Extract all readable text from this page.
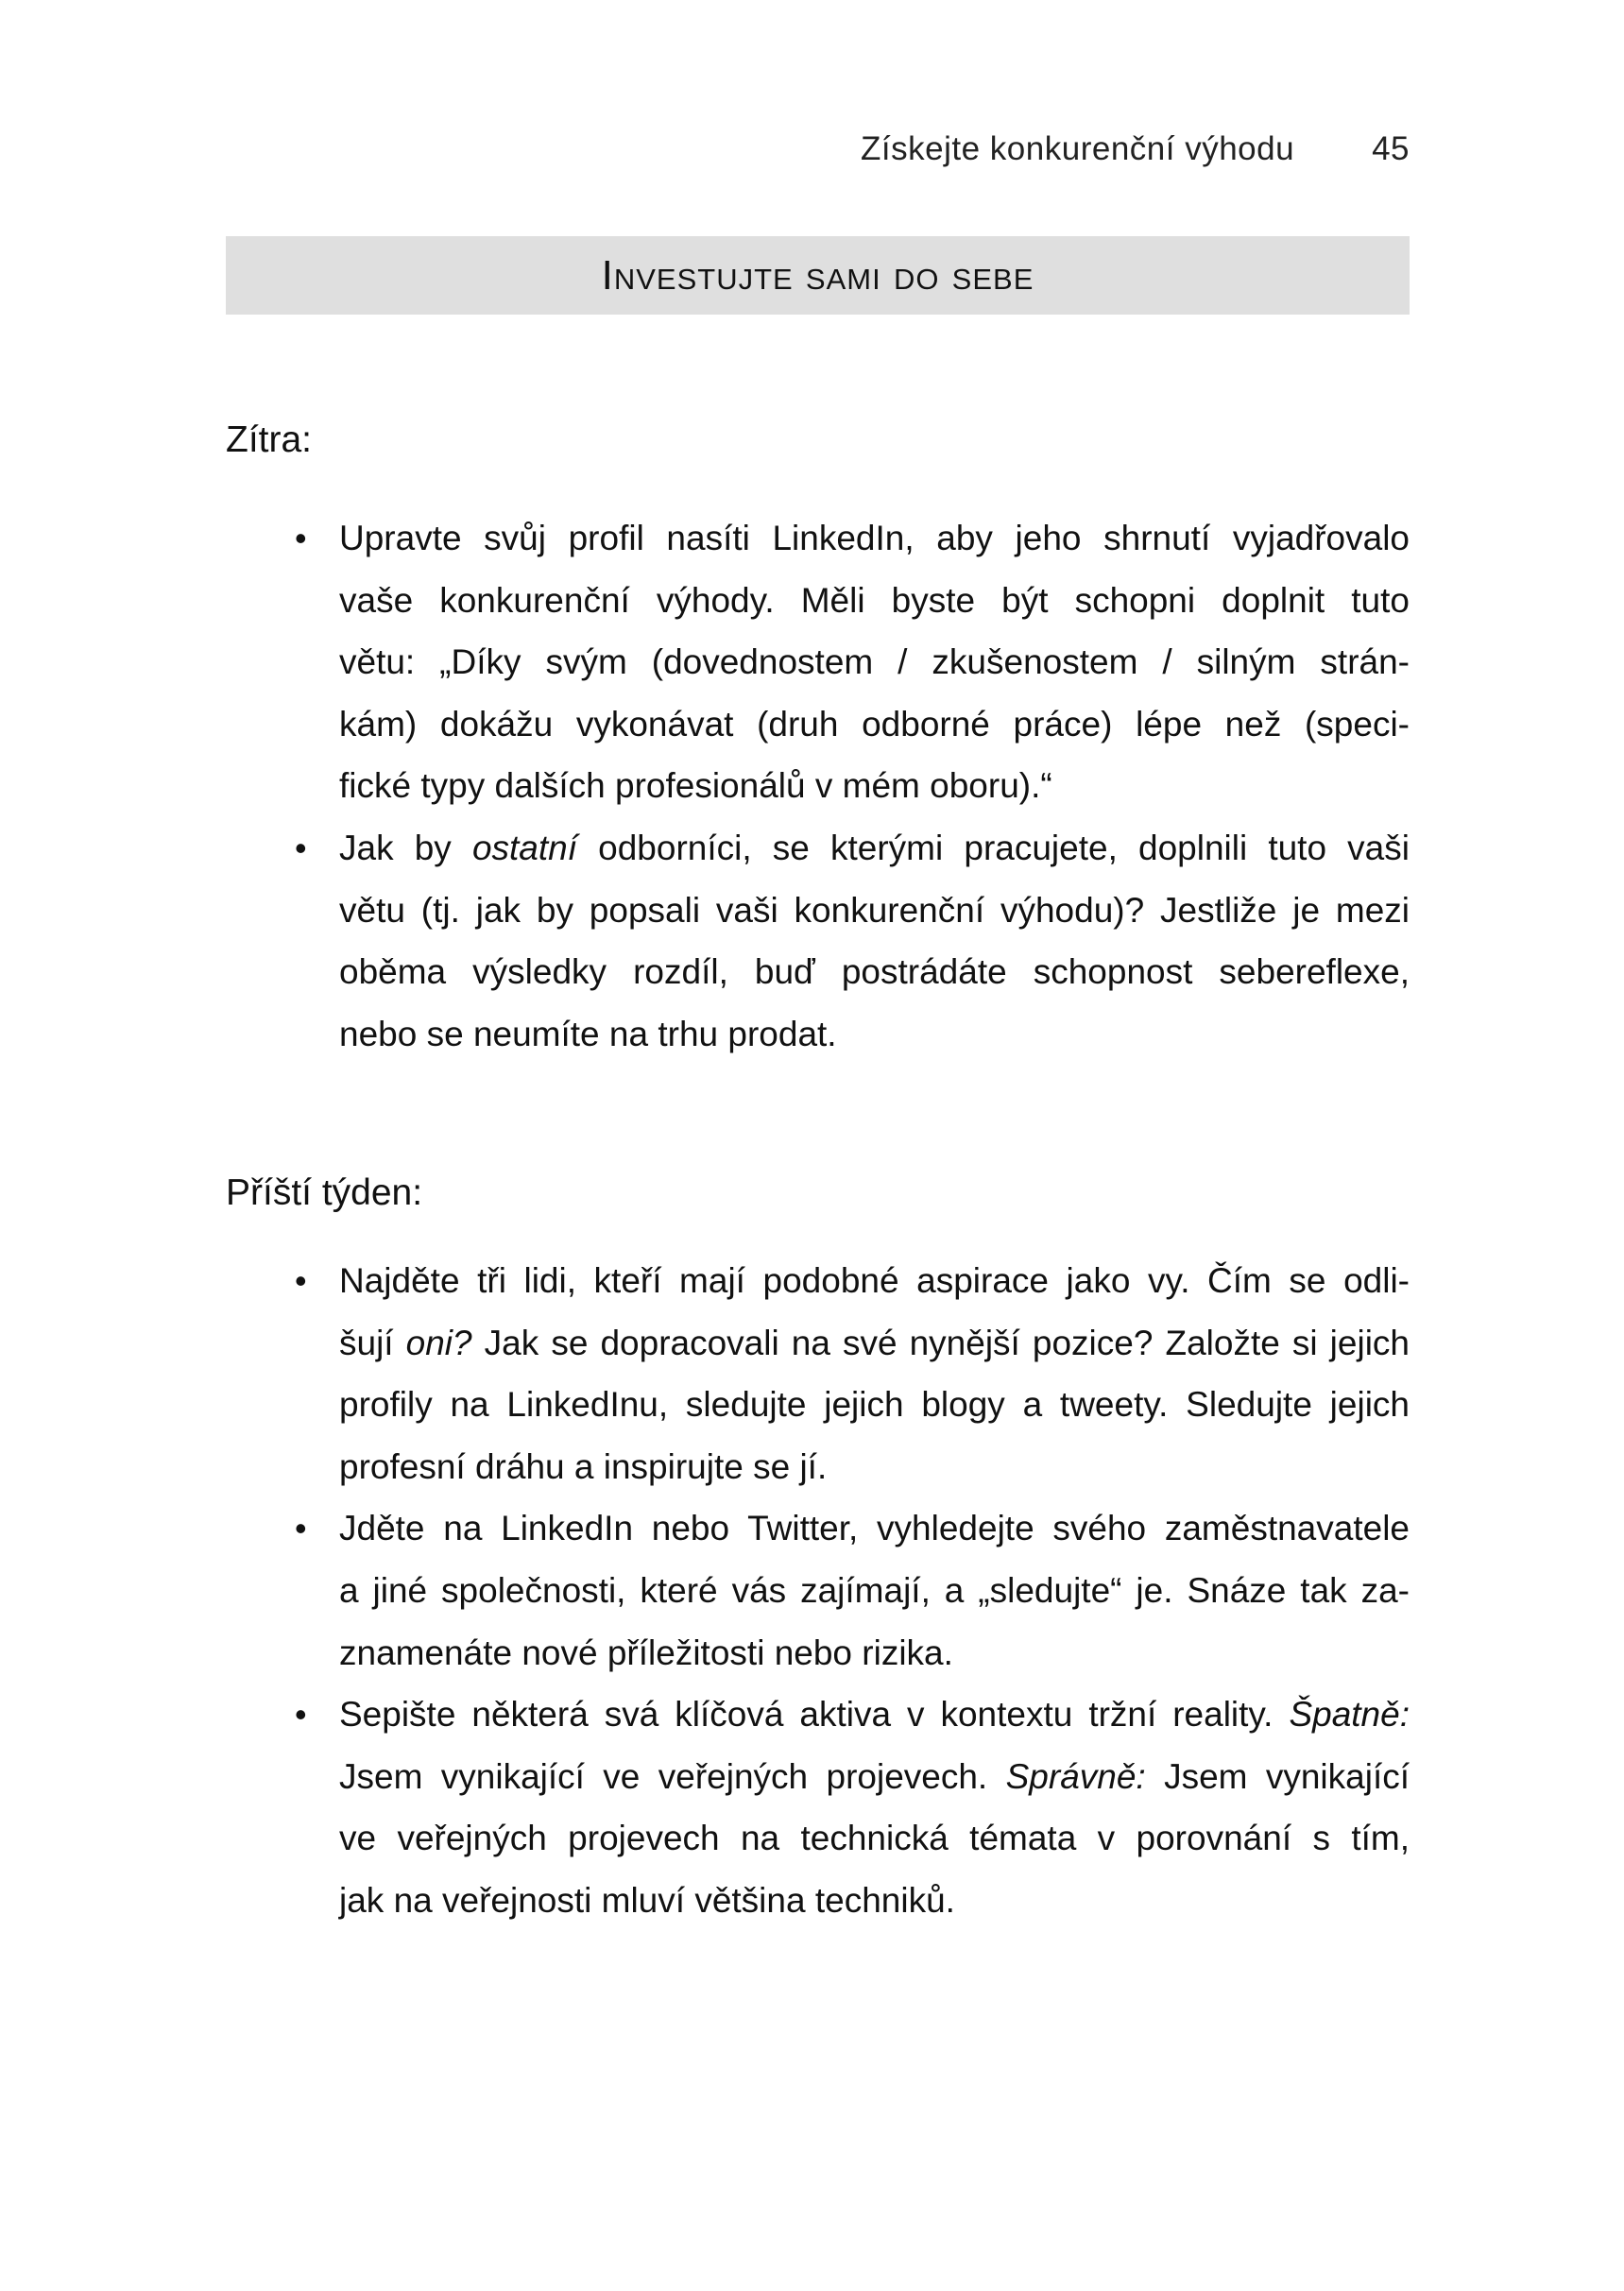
Získejte konkurenční výhodu 45
Investujte sami do sebe
Zítra:
• Upravte svůj profil nasíti LinkedIn, aby jeho shrnutí vyjadřovalo
vaše konkurenční výhody. Měli byste být schopni doplnit tuto
větu: „Díky svým (dovednostem / zkušenostem / silným strán-
kám) dokážu vykonávat (druh odborné práce) lépe než (speci-
fické typy dalších profesionálů v mém oboru).“
• Jak by ostatní odborníci, se kterými pracujete, doplnili tuto vaši
větu (tj. jak by popsali vaši konkurenční výhodu)? Jestliže je mezi
oběma výsledky rozdíl, buď postrádáte schopnost sebereflexe,
nebo se neumíte na trhu prodat.
Příští týden:
• Najděte tři lidi, kteří mají podobné aspirace jako vy. Čím se odli-
šují oni? Jak se dopracovali na své nynější pozice? Založte si jejich
profily na LinkedInu, sledujte jejich blogy a tweety. Sledujte jejich
profesní dráhu a inspirujte se jí.
• Jděte na LinkedIn nebo Twitter, vyhledejte svého zaměstnavatele
a jiné společnosti, které vás zajímají, a „sledujte“ je. Snáze tak za-
znamenáte nové příležitosti nebo rizika.
• Sepište některá svá klíčová aktiva v kontextu tržní reality. Špatně:
Jsem vynikající ve veřejných projevech. Správně: Jsem vynikající
ve veřejných projevech na technická témata v porovnání s tím,
jak na veřejnosti mluví většina techniků.
